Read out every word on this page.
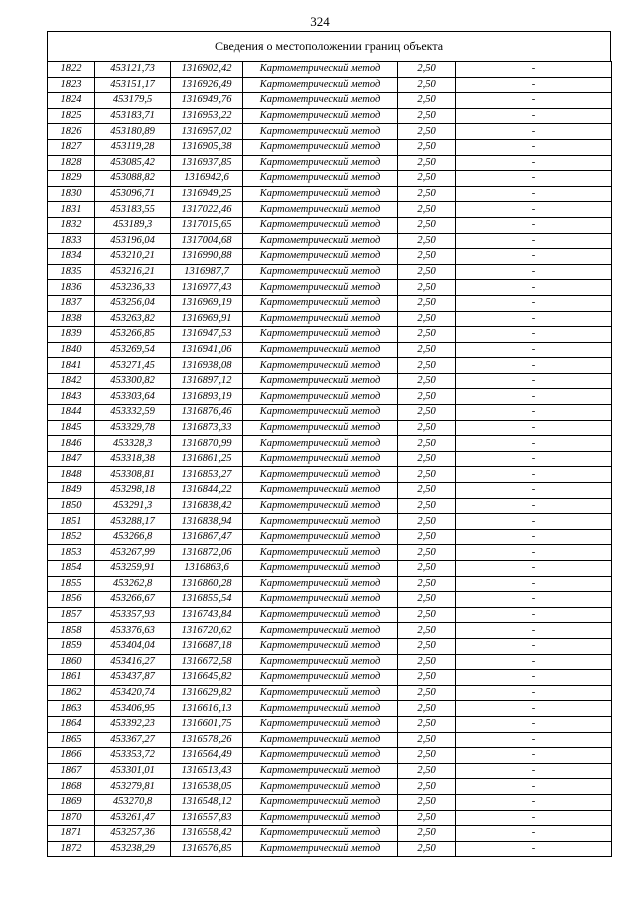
324
Сведения о местоположении границ объекта
1822	453121,73	1316902,42	Картометрический метод	2,50	-
1823	453151,17	1316926,49	Картометрический метод	2,50	-
1824	453179,5	1316949,76	Картометрический метод	2,50	-
1825	453183,71	1316953,22	Картометрический метод	2,50	-
1826	453180,89	1316957,02	Картометрический метод	2,50	-
1827	453119,28	1316905,38	Картометрический метод	2,50	-
1828	453085,42	1316937,85	Картометрический метод	2,50	-
1829	453088,82	1316942,6	Картометрический метод	2,50	-
1830	453096,71	1316949,25	Картометрический метод	2,50	-
1831	453183,55	1317022,46	Картометрический метод	2,50	-
1832	453189,3	1317015,65	Картометрический метод	2,50	-
1833	453196,04	1317004,68	Картометрический метод	2,50	-
1834	453210,21	1316990,88	Картометрический метод	2,50	-
1835	453216,21	1316987,7	Картометрический метод	2,50	-
1836	453236,33	1316977,43	Картометрический метод	2,50	-
1837	453256,04	1316969,19	Картометрический метод	2,50	-
1838	453263,82	1316969,91	Картометрический метод	2,50	-
1839	453266,85	1316947,53	Картометрический метод	2,50	-
1840	453269,54	1316941,06	Картометрический метод	2,50	-
1841	453271,45	1316938,08	Картометрический метод	2,50	-
1842	453300,82	1316897,12	Картометрический метод	2,50	-
1843	453303,64	1316893,19	Картометрический метод	2,50	-
1844	453332,59	1316876,46	Картометрический метод	2,50	-
1845	453329,78	1316873,33	Картометрический метод	2,50	-
1846	453328,3	1316870,99	Картометрический метод	2,50	-
1847	453318,38	1316861,25	Картометрический метод	2,50	-
1848	453308,81	1316853,27	Картометрический метод	2,50	-
1849	453298,18	1316844,22	Картометрический метод	2,50	-
1850	453291,3	1316838,42	Картометрический метод	2,50	-
1851	453288,17	1316838,94	Картометрический метод	2,50	-
1852	453266,8	1316867,47	Картометрический метод	2,50	-
1853	453267,99	1316872,06	Картометрический метод	2,50	-
1854	453259,91	1316863,6	Картометрический метод	2,50	-
1855	453262,8	1316860,28	Картометрический метод	2,50	-
1856	453266,67	1316855,54	Картометрический метод	2,50	-
1857	453357,93	1316743,84	Картометрический метод	2,50	-
1858	453376,63	1316720,62	Картометрический метод	2,50	-
1859	453404,04	1316687,18	Картометрический метод	2,50	-
1860	453416,27	1316672,58	Картометрический метод	2,50	-
1861	453437,87	1316645,82	Картометрический метод	2,50	-
1862	453420,74	1316629,82	Картометрический метод	2,50	-
1863	453406,95	1316616,13	Картометрический метод	2,50	-
1864	453392,23	1316601,75	Картометрический метод	2,50	-
1865	453367,27	1316578,26	Картометрический метод	2,50	-
1866	453353,72	1316564,49	Картометрический метод	2,50	-
1867	453301,01	1316513,43	Картометрический метод	2,50	-
1868	453279,81	1316538,05	Картометрический метод	2,50	-
1869	453270,8	1316548,12	Картометрический метод	2,50	-
1870	453261,47	1316557,83	Картометрический метод	2,50	-
1871	453257,36	1316558,42	Картометрический метод	2,50	-
1872	453238,29	1316576,85	Картометрический метод	2,50	-
